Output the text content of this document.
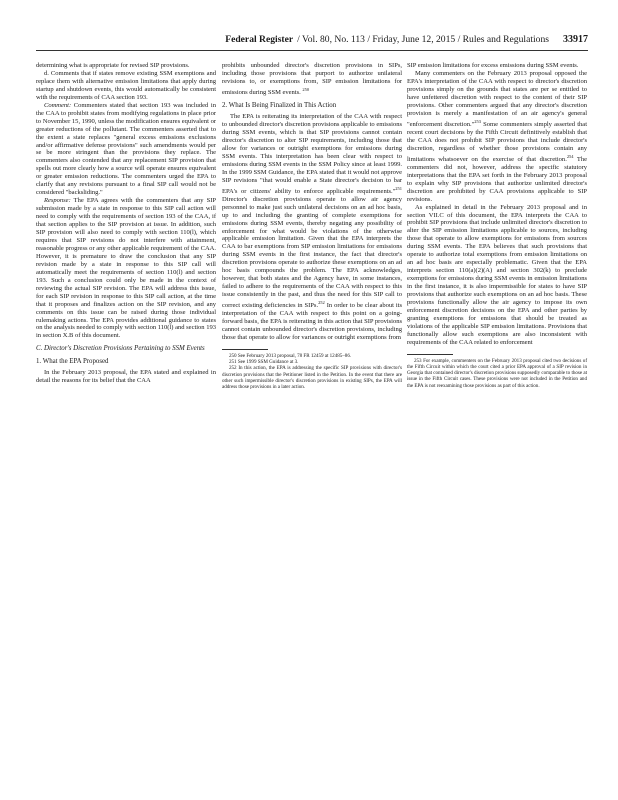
Federal Register / Vol. 80, No. 113 / Friday, June 12, 2015 / Rules and Regulations 33917

determining what is appropriate for revised SIP provisions.

d. Comments that if states remove existing SSM exemptions and replace them with alternative emission limitations that apply during startup and shutdown events, this would automatically be consistent with the requirements of CAA section 193.

Comment: Commenters stated that section 193 was included in the CAA to prohibit states from modifying regulations in place prior to November 15, 1990, unless the modification ensures equivalent or greater reductions of the pollutant. The commenters asserted that to the extent a state replaces "general excess emissions exclusions and/or affirmative defense provisions" such amendments would per se be more stringent than the provisions they replace. The commenters also contended that any replacement SIP provision that spells out more clearly how a source will operate ensures equivalent or greater emission reductions. The commenters urged the EPA to clarify that any revisions pursuant to a final SIP call would not be considered "backsliding."

Response: The EPA agrees with the commenters that any SIP submission made by a state in response to this SIP call action will need to comply with the requirements of section 193 of the CAA, if that section applies to the SIP provision at issue. In addition, such SIP provision will also need to comply with section 110(l), which requires that SIP revisions do not interfere with attainment, reasonable progress or any other applicable requirement of the CAA. However, it is premature to draw the conclusion that any SIP revision made by a state in response to this SIP call will automatically meet the requirements of section 110(l) and section 193. Such a conclusion could only be made in the context of reviewing the actual SIP revision. The EPA will address this issue, for each SIP revision in response to this SIP call action, at the time that it proposes and finalizes action on the SIP revision, and any comments on this issue can be raised during those individual rulemaking actions. The EPA provides additional guidance to states on the analysis needed to comply with section 110(l) and section 193 in section X.B of this document.

C. Director's Discretion Provisions Pertaining to SSM Events
1. What the EPA Proposed

In the February 2013 proposal, the EPA stated and explained in detail the reasons for its belief that the CAA

prohibits unbounded director's discretion provisions in SIPs, including those provisions that purport to authorize unilateral revisions to, or exemptions from, SIP emission limitations for emissions during SSM events. $^{250}$

2. What Is Being Finalized in This Action

The EPA is reiterating its interpretation of the CAA with respect to unbounded director's discretion provisions applicable to emissions during SSM events, which is that SIP provisions cannot contain director's discretion to alter SIP requirements, including those that allow for variances or outright exemptions for emissions during SSM events. This interpretation has been clear with respect to emissions during SSM events in the SSM Policy since at least 1999. In the 1999 SSM Guidance, the EPA stated that it would not approve SIP revisions "that would enable a State director's decision to bar EPA's or citizens' ability to enforce applicable requirements."$^{251}$ Director's discretion provisions operate to allow air agency personnel to make just such unilateral decisions on an ad hoc basis, up to and including the granting of complete exemptions for emissions during SSM events, thereby negating any possibility of enforcement for what would be violations of the otherwise applicable emission limitation. Given that the EPA interprets the CAA to bar exemptions from SIP emission limitations for emissions during SSM events in the first instance, the fact that director's discretion provisions operate to authorize these exemptions on an ad hoc basis compounds the problem. The EPA acknowledges, however, that both states and the Agency have, in some instances, failed to adhere to the requirements of the CAA with respect to this issue consistently in the past, and thus the need for this SIP call to correct existing deficiencies in SIPs.$^{252}$ In order to be clear about its interpretation of the CAA with respect to this point on a going-forward basis, the EPA is reiterating in this action that SIP provisions cannot contain unbounded director's discretion provisions, including those that operate to allow for variances or outright exemptions from

250 See February 2013 proposal, 78 FR 12459 at 12485–86.

251 See 1999 SSM Guidance at 3.

252 In this action, the EPA is addressing the specific SIP provisions with director's discretion provisions that the Petitioner listed in the Petition. In the event that there are other such impermissible director's discretion provisions in existing SIPs, the EPA will address those provisions in a later action.

SIP emission limitations for excess emissions during SSM events.

Many commenters on the February 2013 proposal opposed the EPA's interpretation of the CAA with respect to director's discretion provisions simply on the grounds that states are per se entitled to have unfettered discretion with respect to the content of their SIP provisions. Other commenters argued that any director's discretion provision is merely a manifestation of an air agency's general "enforcement discretion."$^{253}$ Some commenters simply asserted that recent court decisions by the Fifth Circuit definitively establish that the CAA does not prohibit SIP provisions that include director's discretion, regardless of whether those provisions contain any limitations whatsoever on the exercise of that discretion.$^{254}$ The commenters did not, however, address the specific statutory interpretations that the EPA set forth in the February 2013 proposal to explain why SIP provisions that authorize unlimited director's discretion are prohibited by CAA provisions applicable to SIP revisions.

As explained in detail in the February 2013 proposal and in section VII.C of this document, the EPA interprets the CAA to prohibit SIP provisions that include unlimited director's discretion to alter the SIP emission limitations applicable to sources, including those that operate to allow exemptions for emissions from sources during SSM events. The EPA believes that such provisions that operate to authorize total exemptions from emission limitations on an ad hoc basis are especially problematic. Given that the EPA interprets section 110(a)(2)(A) and section 302(k) to preclude exemptions for emissions during SSM events in emission limitations in the first instance, it is also impermissible for states to have SIP provisions that authorize such exemptions on an ad hoc basis. These provisions functionally allow the air agency to impose its own enforcement discretion decisions on the EPA and other parties by granting exemptions for emissions that should be treated as violations of the applicable SIP emission limitations. Provisions that functionally allow such exemptions are also inconsistent with requirements of the CAA related to enforcement

253 For example, commenters on the February 2013 proposal cited two decisions of the Fifth Circuit within which the court cited a prior EPA approval of a SIP revision in Georgia that contained director's discretion provisions supposedly comparable to those at issue in the Fifth Circuit cases. These provisions were not included in the Petition and the EPA is not reexamining those provisions as part of this action.
